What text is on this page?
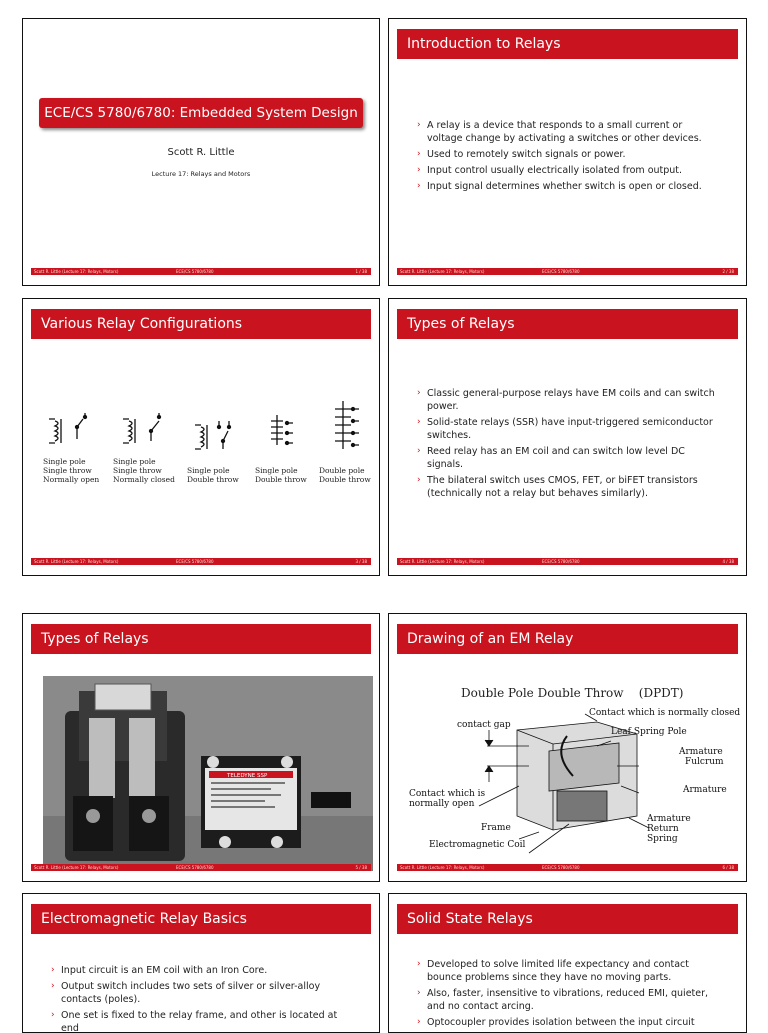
ECE/CS 5780/6780: Embedded System Design
Scott R. Little
Lecture 17: Relays and Motors
Scott R. Little (Lecture 17: Relays, Motors)	ECE/CS 5780/6780	1 / 38
Introduction to Relays
› A relay is a device that responds to a small current or voltage change by activating a switches or other devices.
› Used to remotely switch signals or power.
› Input control usually electrically isolated from output.
› Input signal determines whether switch is open or closed.
Scott R. Little (Lecture 17: Relays, Motors)	ECE/CS 5780/6780	2 / 38
Various Relay Configurations
Single pole
Single throw
Normally open
Single pole
Single throw
Normally closed
Single pole
Double throw
Single pole
Double throw
Double pole
Double throw
Scott R. Little (Lecture 17: Relays, Motors)	ECE/CS 5780/6780	3 / 38
Types of Relays
› Classic general-purpose relays have EM coils and can switch power.
› Solid-state relays (SSR) have input-triggered semiconductor switches.
› Reed relay has an EM coil and can switch low level DC signals.
› The bilateral switch uses CMOS, FET, or biFET transistors (technically not a relay but behaves similarly).
Scott R. Little (Lecture 17: Relays, Motors)	ECE/CS 5780/6780	4 / 38
Types of Relays
TELEDYNE SSP
Scott R. Little (Lecture 17: Relays, Motors)	ECE/CS 5780/6780	5 / 38
Drawing of an EM Relay
Double Pole Double Throw    (DPDT)
Contact which is normally closed
Leaf Spring Pole
contact gap
Armature
Fulcrum
Armature
Contact which is
normally open
Frame
Armature
Return
Spring
Electromagnetic Coil
Scott R. Little (Lecture 17: Relays, Motors)	ECE/CS 5780/6780	6 / 38
Electromagnetic Relay Basics
› Input circuit is an EM coil with an Iron Core.
› Output switch includes two sets of silver or silver-alloy contacts (poles).
› One set is fixed to the relay frame, and other is located at end
Solid State Relays
› Developed to solve limited life expectancy and contact bounce problems since they have no moving parts.
› Also, faster, insensitive to vibrations, reduced EMI, quieter, and no contact arcing.
› Optocoupler provides isolation between the input circuit
